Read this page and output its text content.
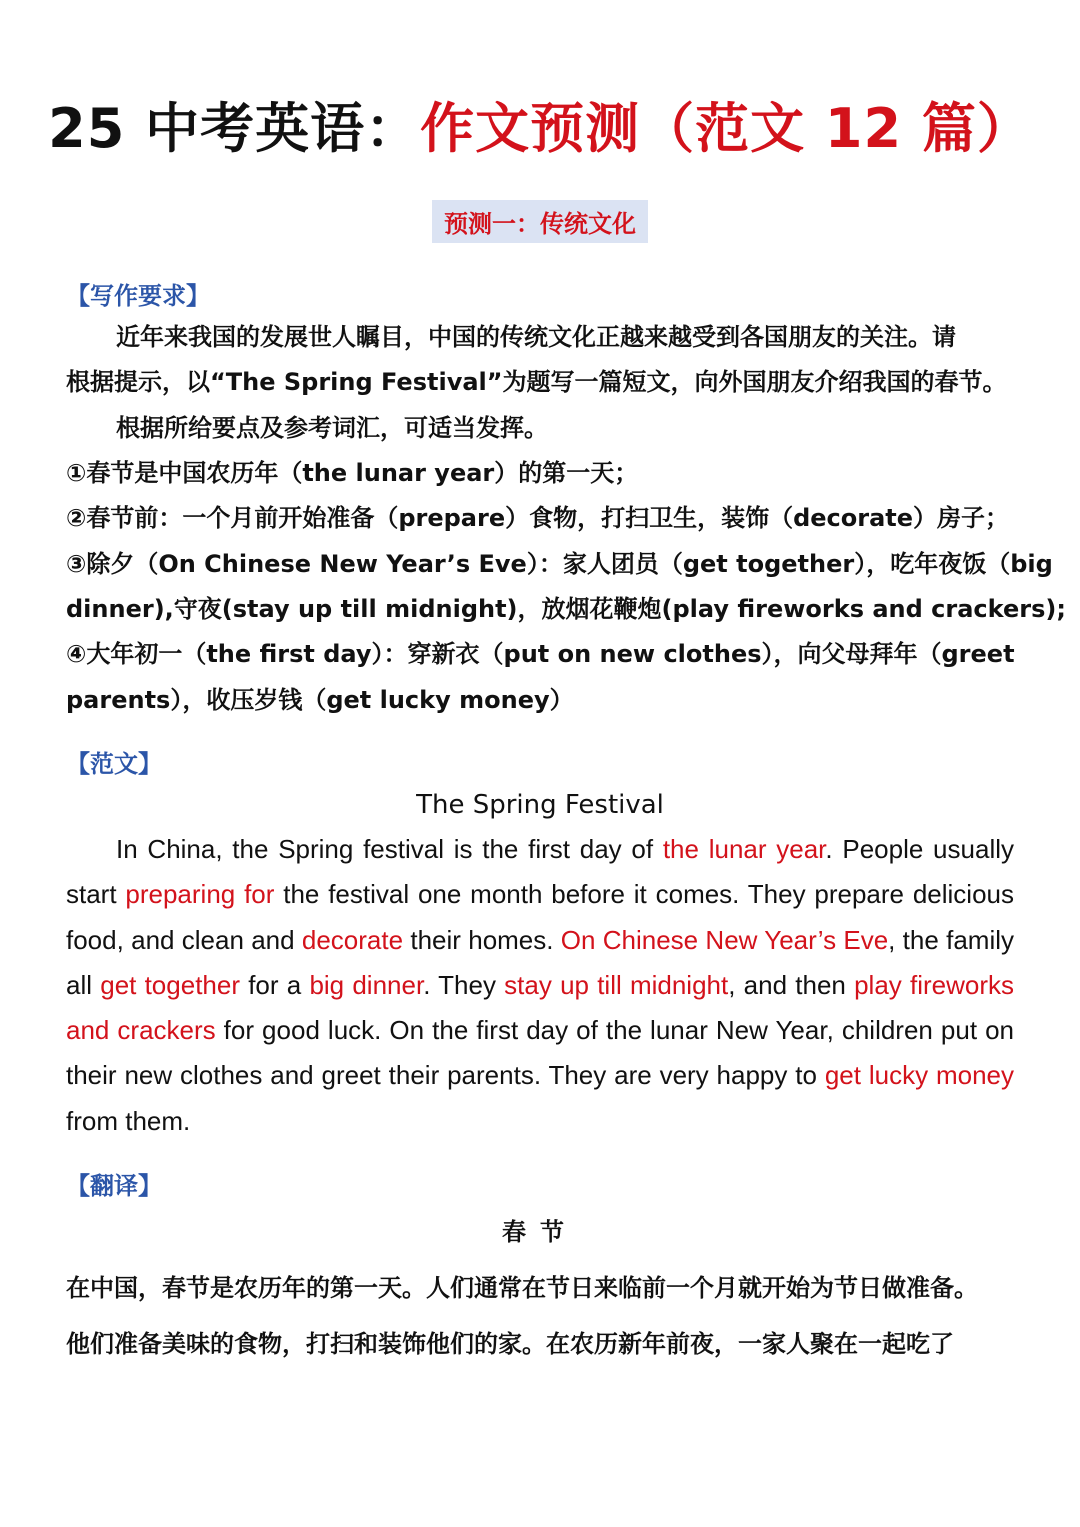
25 中考英语：作文预测（范文 12 篇）
预测一：传统文化
【写作要求】
近年来我国的发展世人瞩目，中国的传统文化正越来越受到各国朋友的关注。请
根据提示，以“The Spring Festival”为题写一篇短文，向外国朋友介绍我国的春节。
根据所给要点及参考词汇，可适当发挥。
①春节是中国农历年（the lunar year）的第一天；
②春节前：一个月前开始准备（prepare）食物，打扫卫生，装饰（decorate）房子；
③除夕（On Chinese New Year’s Eve）：家人团员（get together），吃年夜饭（big
dinner),守夜(stay up till midnight)，放烟花鞭炮(play fireworks and crackers);
④大年初一（the first day）：穿新衣（put on new clothes），向父母拜年（greet
parents），收压岁钱（get lucky money）
【范文】
The Spring Festival
In China, the Spring festival is the first day of the lunar year. People usually start preparing for the festival one month before it comes. They prepare delicious food, and clean and decorate their homes. On Chinese New Year’s Eve, the family all get together for a big dinner. They stay up till midnight, and then play fireworks and crackers for good luck. On the first day of the lunar New Year, children put on their new clothes and greet their parents. They are very happy to get lucky money from them.
【翻译】
春节
在中国，春节是农历年的第一天。人们通常在节日来临前一个月就开始为节日做准备。
他们准备美味的食物，打扫和装饰他们的家。在农历新年前夜，一家人聚在一起吃了
